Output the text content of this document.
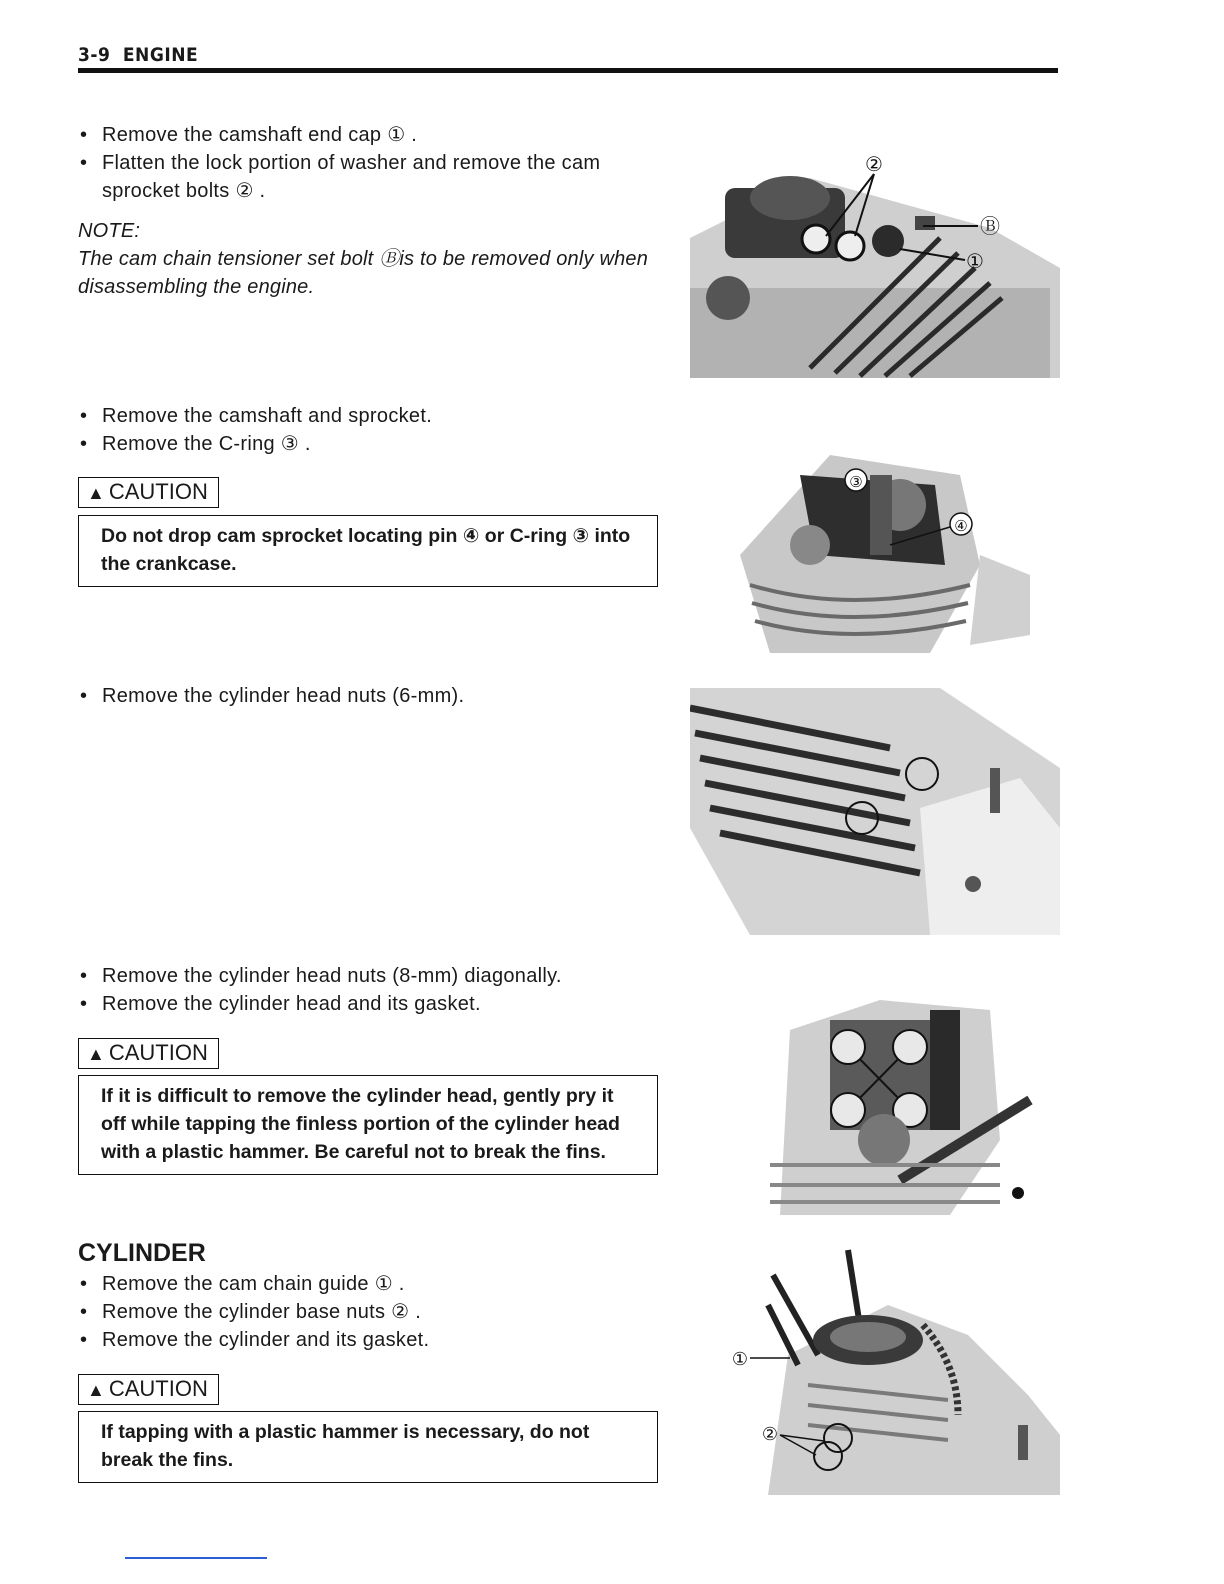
3-9 ENGINE
• Remove the camshaft end cap ① .
• Flatten the lock portion of washer and remove the cam sprocket bolts ② .
NOTE:
The cam chain tensioner set bolt Ⓑis to be removed only when disassembling the engine.
②
Ⓑ
①
• Remove the camshaft and sprocket.
• Remove the C-ring ③ .
▲ CAUTION
Do not drop cam sprocket locating pin ④ or C-ring ③ into the crankcase.
③
④
• Remove the cylinder head nuts (6-mm).
• Remove the cylinder head nuts (8-mm) diagonally.
• Remove the cylinder head and its gasket.
▲ CAUTION
If it is difficult to remove the cylinder head, gently pry it off while tapping the finless portion of the cylinder head with a plastic hammer. Be careful not to break the fins.
CYLINDER
• Remove the cam chain guide ① .
• Remove the cylinder base nuts ② .
• Remove the cylinder and its gasket.
▲ CAUTION
If tapping with a plastic hammer is necessary, do not break the fins.
①
②
